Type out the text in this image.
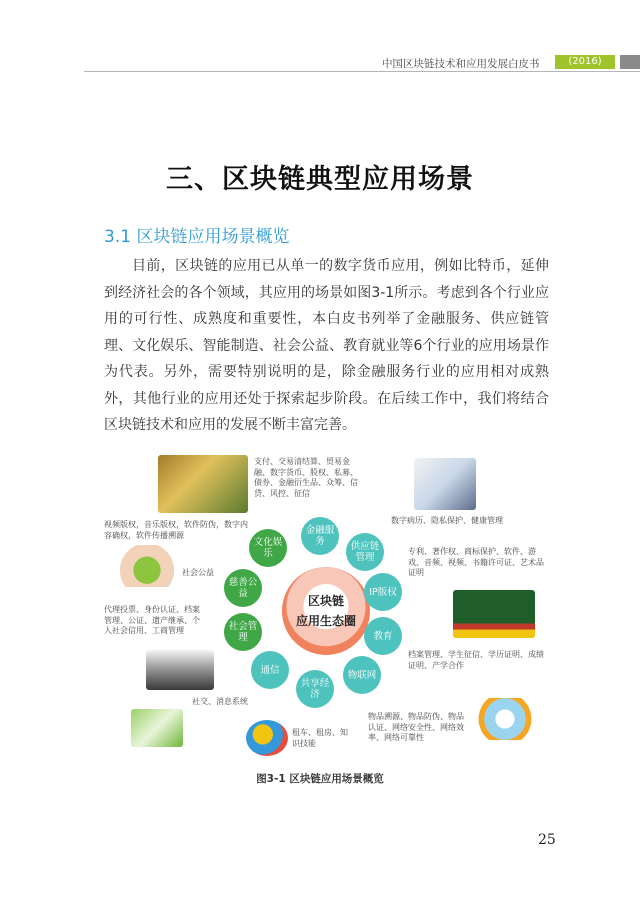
中国区块链技术和应用发展白皮书	(2016)
三、区块链典型应用场景
3.1 区块链应用场景概览
目前，区块链的应用已从单一的数字货币应用，例如比特币，延伸到经济社会的各个领域，其应用的场景如图3-1所示。考虑到各个行业应用的可行性、成熟度和重要性，本白皮书列举了金融服务、供应链管理、文化娱乐、智能制造、社会公益、教育就业等6个行业的应用场景作为代表。另外，需要特别说明的是，除金融服务行业的应用相对成熟外，其他行业的应用还处于探索起步阶段。在后续工作中，我们将结合区块链技术和应用的发展不断丰富完善。
区块链
应用生态圈
金融服务	供应链管理
IP版权
教育
物联网
共享经济
通信
社会管理
慈善公益
文化娱乐
支付、交易清结算、贸易金融、数字货币、股权、私募、债券、金融衍生品、众筹、信贷、风控、征信
数字病历、隐私保护、健康管理
视频版权，音乐版权，软件防伪，数字内容确权，软件传播溯源
专利、著作权、商标保护、软件、游戏、音频、视频、书籍许可证、艺术品证明
社会公益
代理投票、身份认证、档案管理、公证、遗产继承、个人社会信用、工商管理
档案管理、学生征信、学历证明、成绩证明、产学合作
社交、消息系统
租车、租房、知识技能
物品溯源、物品防伪、物品认证、网络安全性、网络效率、网络可靠性
图3-1 区块链应用场景概览
25
